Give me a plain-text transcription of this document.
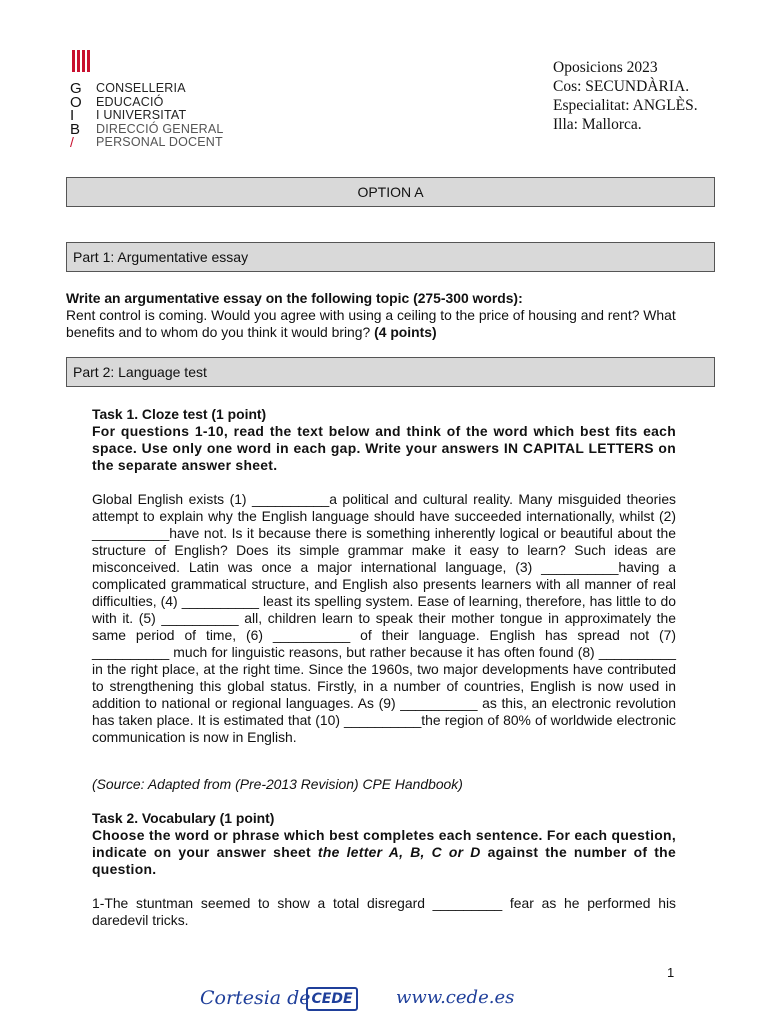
G	CONSELLERIA
O	EDUCACIÓ
I	I UNIVERSITAT
B	DIRECCIÓ GENERAL
/	PERSONAL DOCENT
Oposicions 2023
Cos: SECUNDÀRIA.
Especialitat: ANGLÈS.
Illa: Mallorca.
OPTION A
Part 1: Argumentative essay
Write an argumentative essay on the following topic (275-300 words):
Rent control is coming. Would you agree with using a ceiling to the price of housing and rent? What benefits and to whom do you think it would bring? (4 points)
Part 2: Language test
Task 1. Cloze test (1 point)
For questions 1-10, read the text below and think of the word which best fits each space. Use only one word in each gap. Write your answers IN CAPITAL LETTERS on the separate answer sheet.
Global English exists (1) __________a political and cultural reality. Many misguided theories attempt to explain why the English language should have succeeded internationally, whilst (2) __________have not. Is it because there is something inherently logical or beautiful about the structure of English? Does its simple grammar make it easy to learn? Such ideas are misconceived. Latin was once a major international language, (3) __________having a complicated grammatical structure, and English also presents learners with all manner of real difficulties, (4) __________ least its spelling system. Ease of learning, therefore, has little to do with it. (5) __________ all, children learn to speak their mother tongue in approximately the same period of time, (6) __________ of their language. English has spread not (7) __________ much for linguistic reasons, but rather because it has often found (8) __________ in the right place, at the right time. Since the 1960s, two major developments have contributed to strengthening this global status. Firstly, in a number of countries, English is now used in addition to national or regional languages. As (9) __________ as this, an electronic revolution has taken place. It is estimated that (10) __________the region of 80% of worldwide electronic communication is now in English.
(Source: Adapted from (Pre-2013 Revision) CPE Handbook)
Task 2. Vocabulary (1 point)
Choose the word or phrase which best completes each sentence. For each question, indicate on your answer sheet the letter A, B, C or D against the number of the question.
1-The stuntman seemed to show a total disregard _________ fear as he performed his daredevil tricks.
1
Cortesia de CEDE	www.cede.es
